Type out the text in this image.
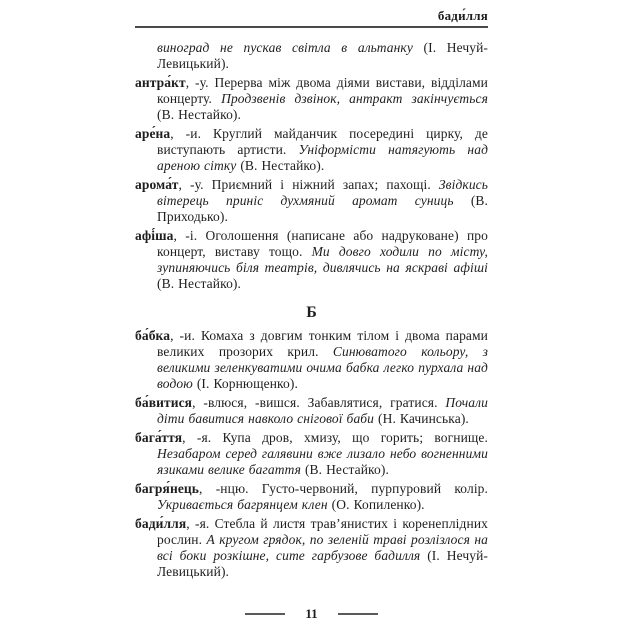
бади́лля

виноград не пускав світла в альтанку (І. Нечуй-Левицький).

антра́кт, -у. Перерва між двома діями вистави, відділами концерту. Продзвенів дзвінок, антракт закінчується (В. Нестайко).

аре́на, -и. Круглий майданчик посередині цирку, де виступають артисти. Уніформісти натягують над ареною сітку (В. Нестайко).

арома́т, -у. Приємний і ніжний запах; пахощі. Звідкись вітерець приніс духмяний аромат суниць (В. Приходько).

афі́ша, -і. Оголошення (написане або надруковане) про концерт, виставу тощо. Ми довго ходили по місту, зупиняючись біля театрів, дивлячись на яскраві афіші (В. Нестайко).

Б

ба́бка, -и. Комаха з довгим тонким тілом і двома парами великих прозорих крил. Синюватого кольору, з великими зеленкуватими очима бабка легко пурхала над водою (І. Корнющенко).

ба́витися, -влюся, -вишся. Забавлятися, гратися. Почали діти бавитися навколо снігової баби (Н. Качинська).

бага́ття, -я. Купа дров, хмизу, що горить; вогнище. Незабаром серед галявини вже лизало небо вогненними язиками велике багаття (В. Нестайко).

багря́нець, -нцю. Густо-червоний, пурпуровий колір. Укривається багрянцем клен (О. Копиленко).

бади́лля, -я. Стебла й листя трав’янистих і коренеплідних рослин. А кругом грядок, по зеленій траві розлізлося на всі боки розкішне, сите гарбузове бадилля (І. Нечуй-Левицький).

11
